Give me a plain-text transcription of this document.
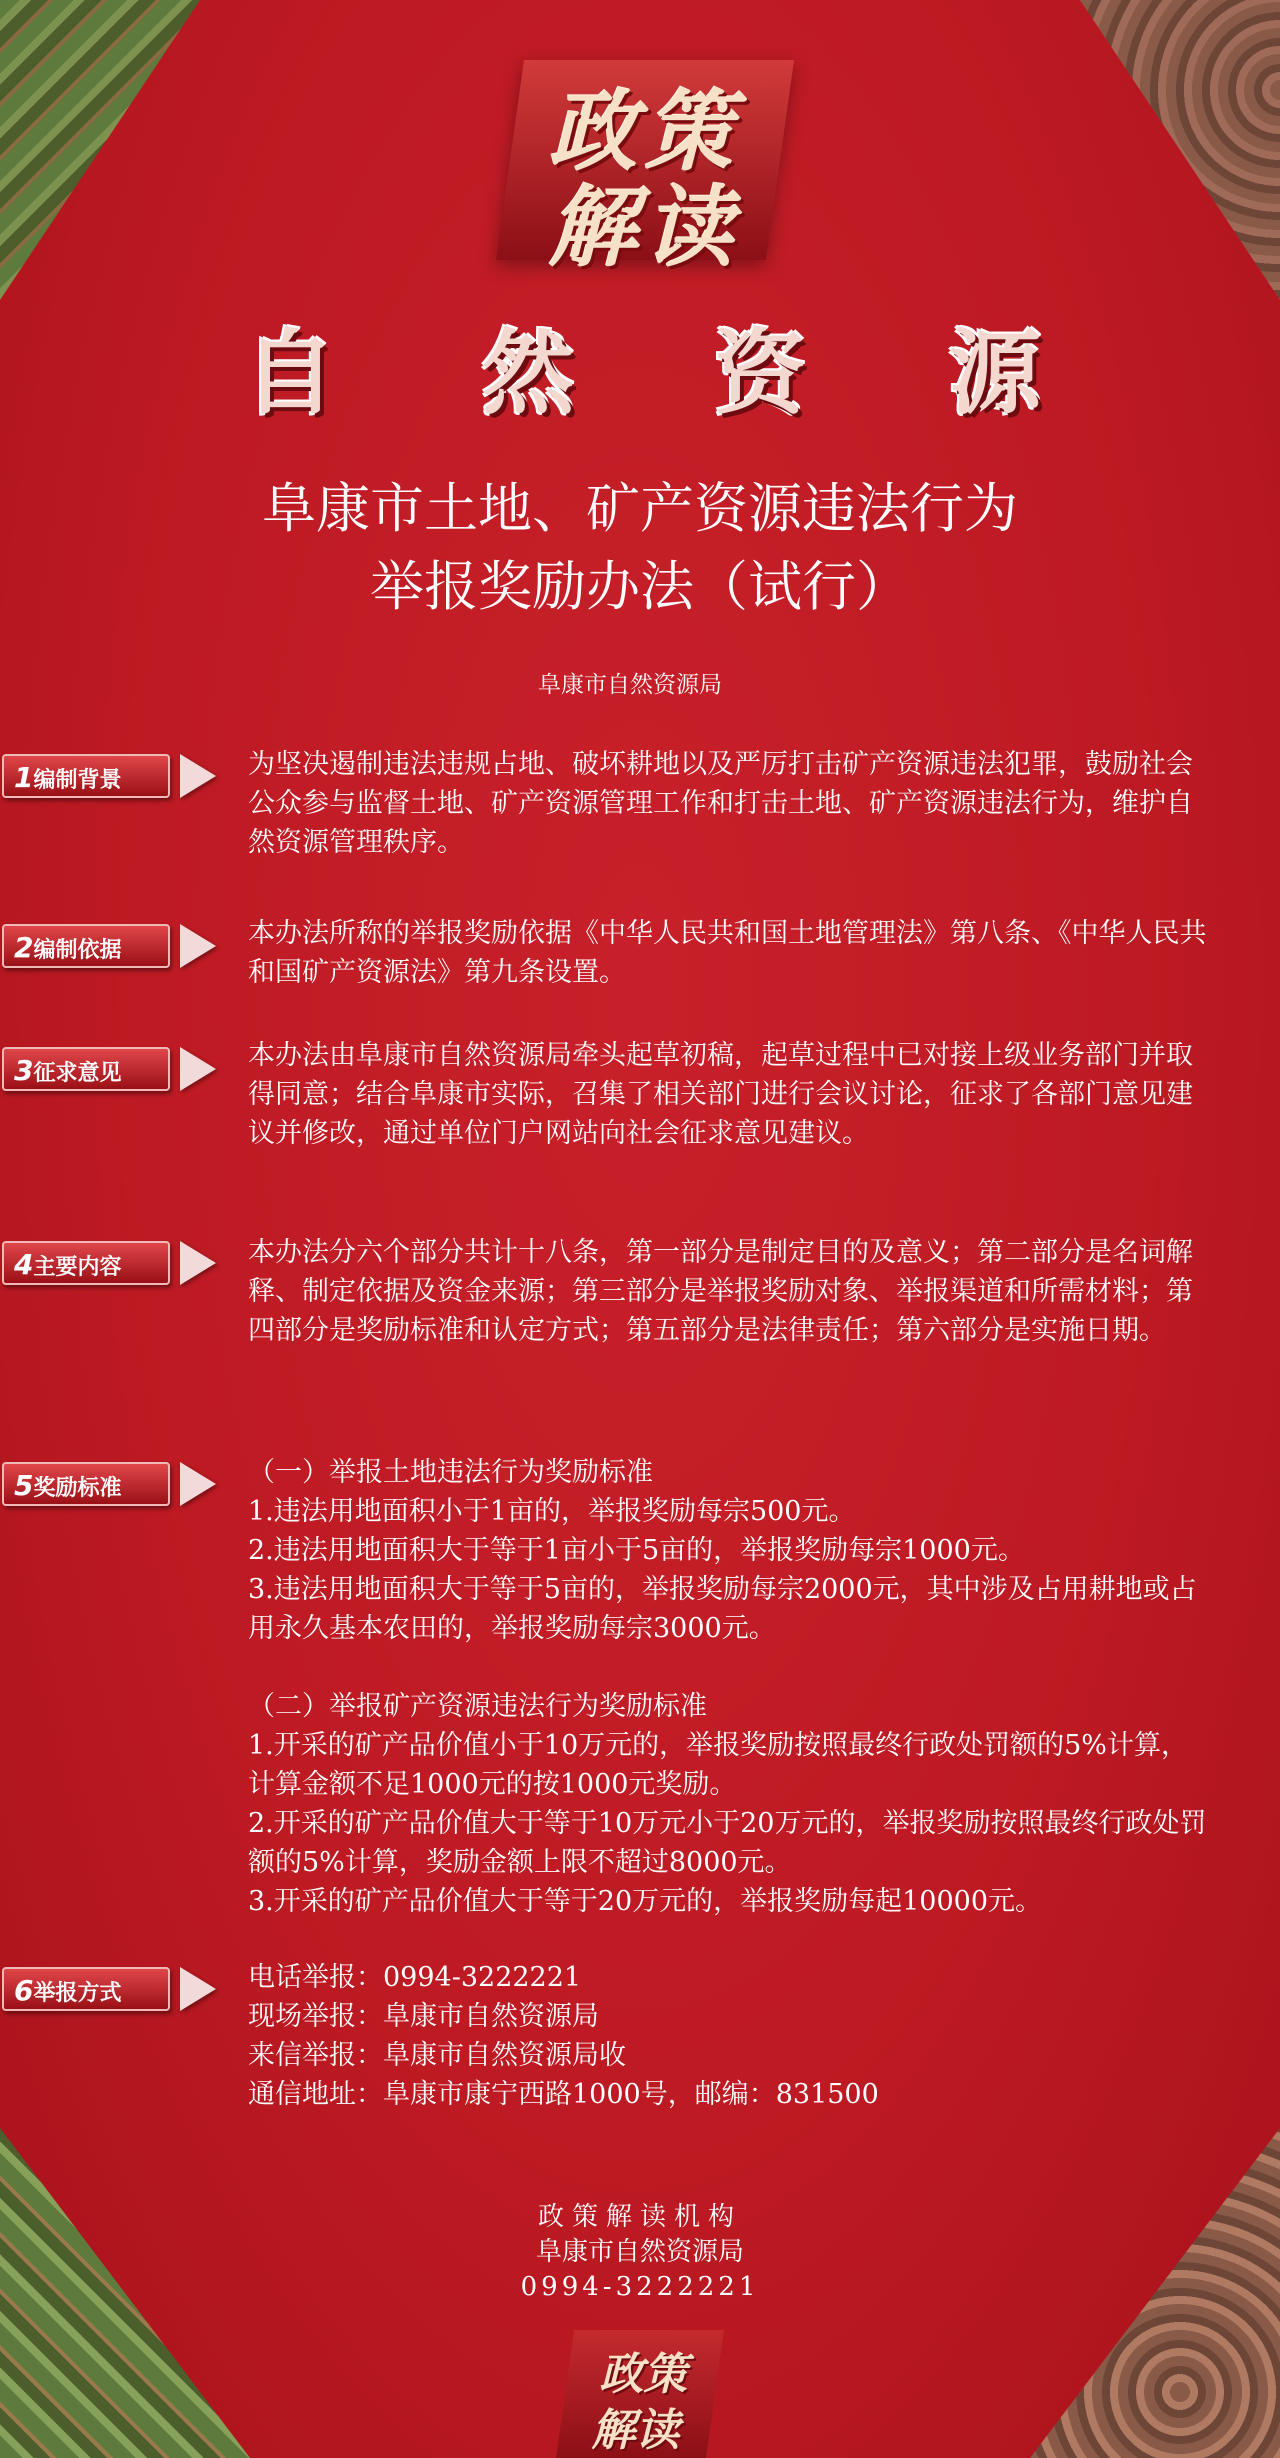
政策
解读
自 然 资 源
阜康市土地、矿产资源违法行为
举报奖励办法（试行）
阜康市自然资源局
1编制背景

为坚决遏制违法违规占地、破坏耕地以及严厉打击矿产资源违法犯罪，鼓励社会公众参与监督土地、矿产资源管理工作和打击土地、矿产资源违法行为，维护自然资源管理秩序。

2编制依据

本办法所称的举报奖励依据《中华人民共和国土地管理法》第八条、《中华人民共和国矿产资源法》第九条设置。

3征求意见

本办法由阜康市自然资源局牵头起草初稿，起草过程中已对接上级业务部门并取得同意；结合阜康市实际，召集了相关部门进行会议讨论，征求了各部门意见建议并修改，通过单位门户网站向社会征求意见建议。

4主要内容	本办法分六个部分共计十八条，第一部分是制定目的及意义；第二部分是名词解释、制定依据及资金来源；第三部分是举报奖励对象、举报渠道和所需材料；第四部分是奖励标准和认定方式；第五部分是法律责任；第六部分是实施日期。

5奖励标准

（一）举报土地违法行为奖励标准

1.违法用地面积小于1亩的，举报奖励每宗500元。

2.违法用地面积大于等于1亩小于5亩的，举报奖励每宗1000元。

3.违法用地面积大于等于5亩的，举报奖励每宗2000元，其中涉及占用耕地或占用永久基本农田的，举报奖励每宗3000元。

（二）举报矿产资源违法行为奖励标准

1.开采的矿产品价值小于10万元的，举报奖励按照最终行政处罚额的5%计算，计算金额不足1000元的按1000元奖励。

2.开采的矿产品价值大于等于10万元小于20万元的，举报奖励按照最终行政处罚额的5%计算，奖励金额上限不超过8000元。

3.开采的矿产品价值大于等于20万元的，举报奖励每起10000元。

6举报方式

电话举报：0994-3222221

现场举报：阜康市自然资源局

来信举报：阜康市自然资源局收

通信地址：阜康市康宁西路1000号，邮编：831500

政策解读机构
阜康市自然资源局
0994-3222221
政策
解读
